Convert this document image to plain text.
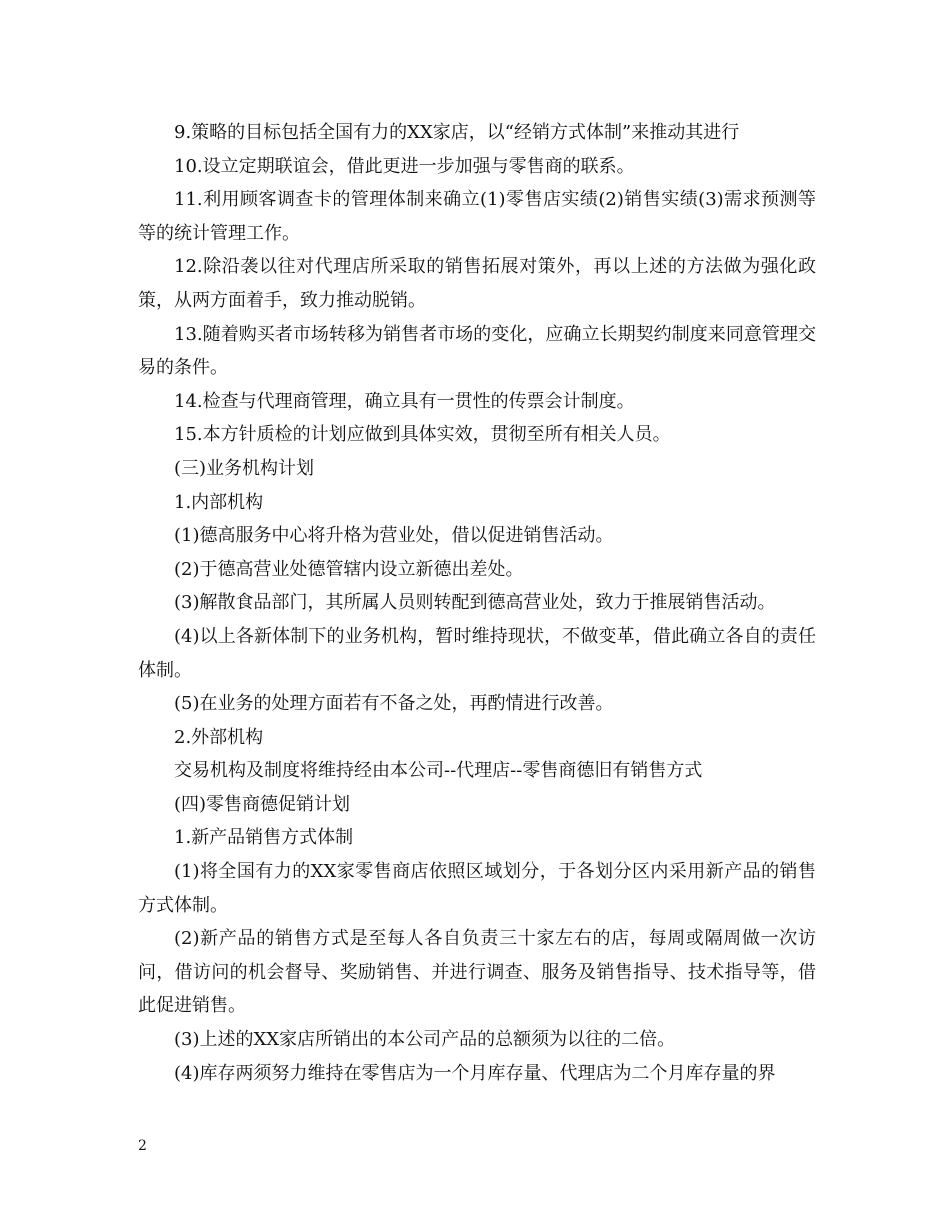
9.策略的目标包括全国有力的XX家店，以“经销方式体制”来推动其进行

10.设立定期联谊会，借此更进一步加强与零售商的联系。

11.利用顾客调查卡的管理体制来确立(1)零售店实绩(2)销售实绩(3)需求预测等等的统计管理工作。

12.除沿袭以往对代理店所采取的销售拓展对策外，再以上述的方法做为强化政策，从两方面着手，致力推动脱销。

13.随着购买者市场转移为销售者市场的变化，应确立长期契约制度来同意管理交易的条件。

14.检查与代理商管理，确立具有一贯性的传票会计制度。

15.本方针质检的计划应做到具体实效，贯彻至所有相关人员。

(三)业务机构计划

1.内部机构

(1)德高服务中心将升格为营业处，借以促进销售活动。

(2)于德高营业处德管辖内设立新德出差处。

(3)解散食品部门，其所属人员则转配到德高营业处，致力于推展销售活动。

(4)以上各新体制下的业务机构，暂时维持现状，不做变革，借此确立各自的责任体制。

(5)在业务的处理方面若有不备之处，再酌情进行改善。

2.外部机构

交易机构及制度将维持经由本公司--代理店--零售商德旧有销售方式

(四)零售商德促销计划

1.新产品销售方式体制

(1)将全国有力的XX家零售商店依照区域划分，于各划分区内采用新产品的销售方式体制。

(2)新产品的销售方式是至每人各自负责三十家左右的店，每周或隔周做一次访问，借访问的机会督导、奖励销售、并进行调查、服务及销售指导、技术指导等，借此促进销售。

(3)上述的XX家店所销出的本公司产品的总额须为以往的二倍。

(4)库存两须努力维持在零售店为一个月库存量、代理店为二个月库存量的界

2
